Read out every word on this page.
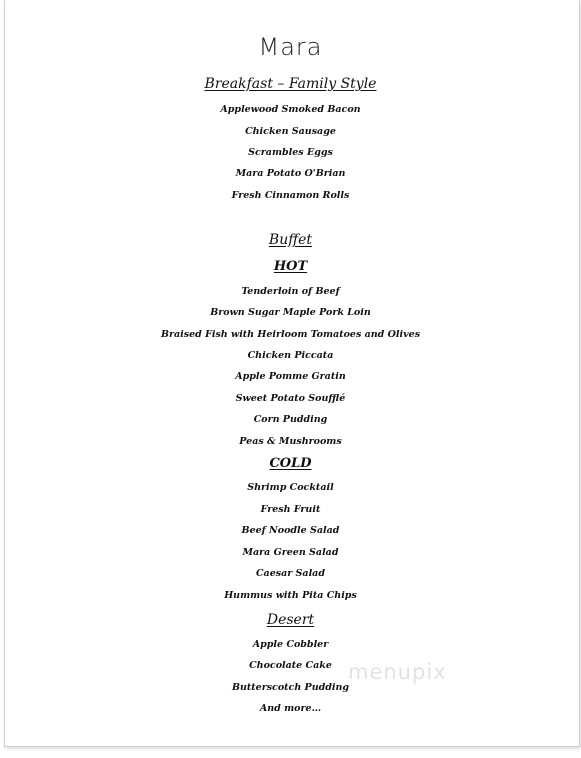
Mara
Breakfast – Family Style
Applewood Smoked Bacon
Chicken Sausage
Scrambles Eggs
Mara Potato O'Brian
Fresh Cinnamon Rolls
Buffet
HOT
Tenderloin of Beef
Brown Sugar Maple Pork Loin
Braised Fish with Heirloom Tomatoes and Olives
Chicken Piccata
Apple Pomme Gratin
Sweet Potato Soufflé
Corn Pudding
Peas & Mushrooms
COLD
Shrimp Cocktail
Fresh Fruit
Beef Noodle Salad
Mara Green Salad
Caesar Salad
Hummus with Pita Chips
Desert
Apple Cobbler
Chocolate Cake
Butterscotch Pudding
And more…
menupix
